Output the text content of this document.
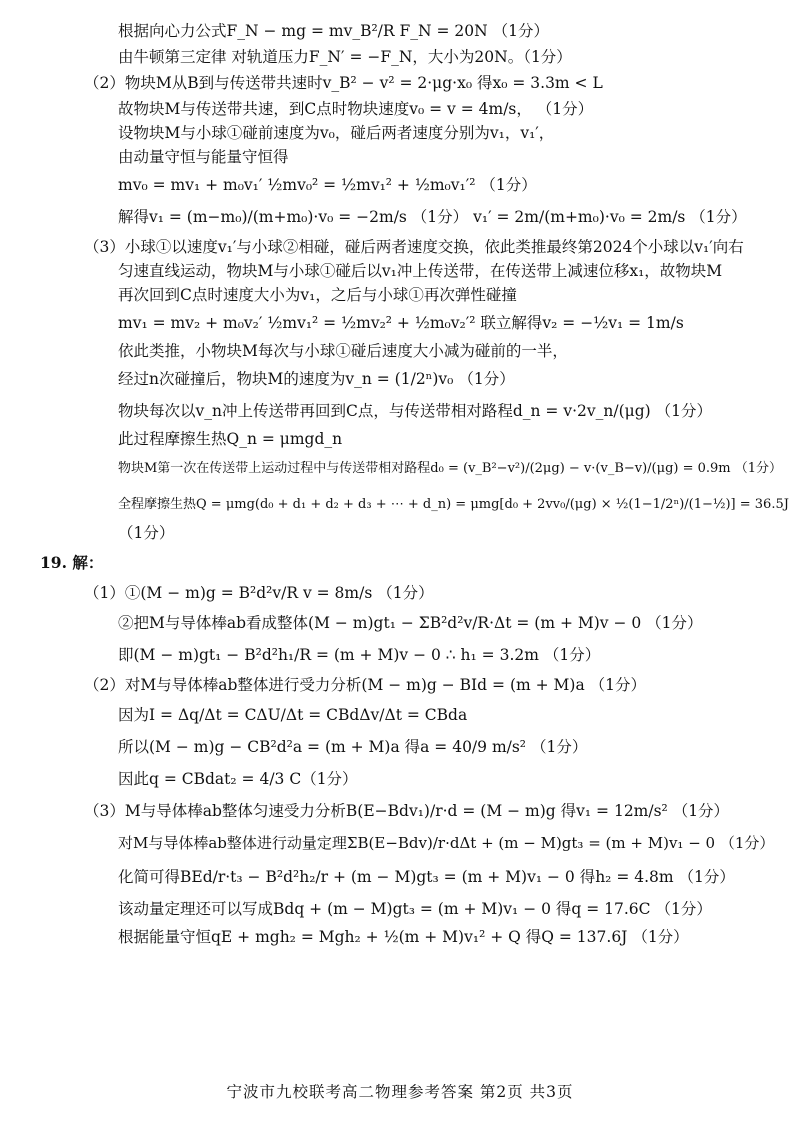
根据向心力公式F_N − mg = mv_B²/R F_N = 20N （1分）
由牛顿第三定律 对轨道压力F_N′ = −F_N，大小为20N。（1分）
（2）物块M从B到与传送带共速时v_B² − v² = 2·μg·x₀ 得x₀ = 3.3m < L
故物块M与传送带共速，到C点时物块速度v₀ = v = 4m/s， （1分）
设物块M与小球①碰前速度为v₀，碰后两者速度分别为v₁，v₁′，
由动量守恒与能量守恒得
mv₀ = mv₁ + m₀v₁′ ½mv₀² = ½mv₁² + ½m₀v₁′² （1分）
解得v₁ = (m−m₀)/(m+m₀)·v₀ = −2m/s （1分） v₁′ = 2m/(m+m₀)·v₀ = 2m/s （1分）
（3）小球①以速度v₁′与小球②相碰，碰后两者速度交换，依此类推最终第2024个小球以v₁′向右
匀速直线运动，物块M与小球①碰后以v₁冲上传送带，在传送带上减速位移x₁，故物块M
再次回到C点时速度大小为v₁，之后与小球①再次弹性碰撞
mv₁ = mv₂ + m₀v₂′ ½mv₁² = ½mv₂² + ½m₀v₂′² 联立解得v₂ = −½v₁ = 1m/s
依此类推，小物块M每次与小球①碰后速度大小减为碰前的一半，
经过n次碰撞后，物块M的速度为v_n = (1/2ⁿ)v₀ （1分）
物块每次以v_n冲上传送带再回到C点，与传送带相对路程d_n = v·2v_n/(μg) （1分）
此过程摩擦生热Q_n = μmgd_n
物块M第一次在传送带上运动过程中与传送带相对路程d₀ = (v_B²−v²)/(2μg) − v·(v_B−v)/(μg) = 0.9m （1分）
全程摩擦生热Q = μmg(d₀ + d₁ + d₂ + d₃ + ⋯ + d_n) = μmg[d₀ + 2vv₀/(μg) × ½(1−1/2ⁿ)/(1−½)] = 36.5J
（1分）
19. 解：
（1）①(M − m)g = B²d²v/R v = 8m/s （1分）
②把M与导体棒ab看成整体(M − m)gt₁ − ΣB²d²v/R·Δt = (m + M)v − 0 （1分）
即(M − m)gt₁ − B²d²h₁/R = (m + M)v − 0 ∴ h₁ = 3.2m （1分）
（2）对M与导体棒ab整体进行受力分析(M − m)g − BId = (m + M)a （1分）
因为I = Δq/Δt = CΔU/Δt = CBdΔv/Δt = CBda
所以(M − m)g − CB²d²a = (m + M)a 得a = 40/9 m/s² （1分）
因此q = CBdat₂ = 4/3 C（1分）
（3）M与导体棒ab整体匀速受力分析B(E−Bdv₁)/r·d = (M − m)g 得v₁ = 12m/s² （1分）
对M与导体棒ab整体进行动量定理ΣB(E−Bdv)/r·dΔt + (m − M)gt₃ = (m + M)v₁ − 0 （1分）
化简可得BEd/r·t₃ − B²d²h₂/r + (m − M)gt₃ = (m + M)v₁ − 0 得h₂ = 4.8m （1分）
该动量定理还可以写成Bdq + (m − M)gt₃ = (m + M)v₁ − 0 得q = 17.6C （1分）
根据能量守恒qE + mgh₂ = Mgh₂ + ½(m + M)v₁² + Q 得Q = 137.6J （1分）
宁波市九校联考高二物理参考答案 第2页 共3页
